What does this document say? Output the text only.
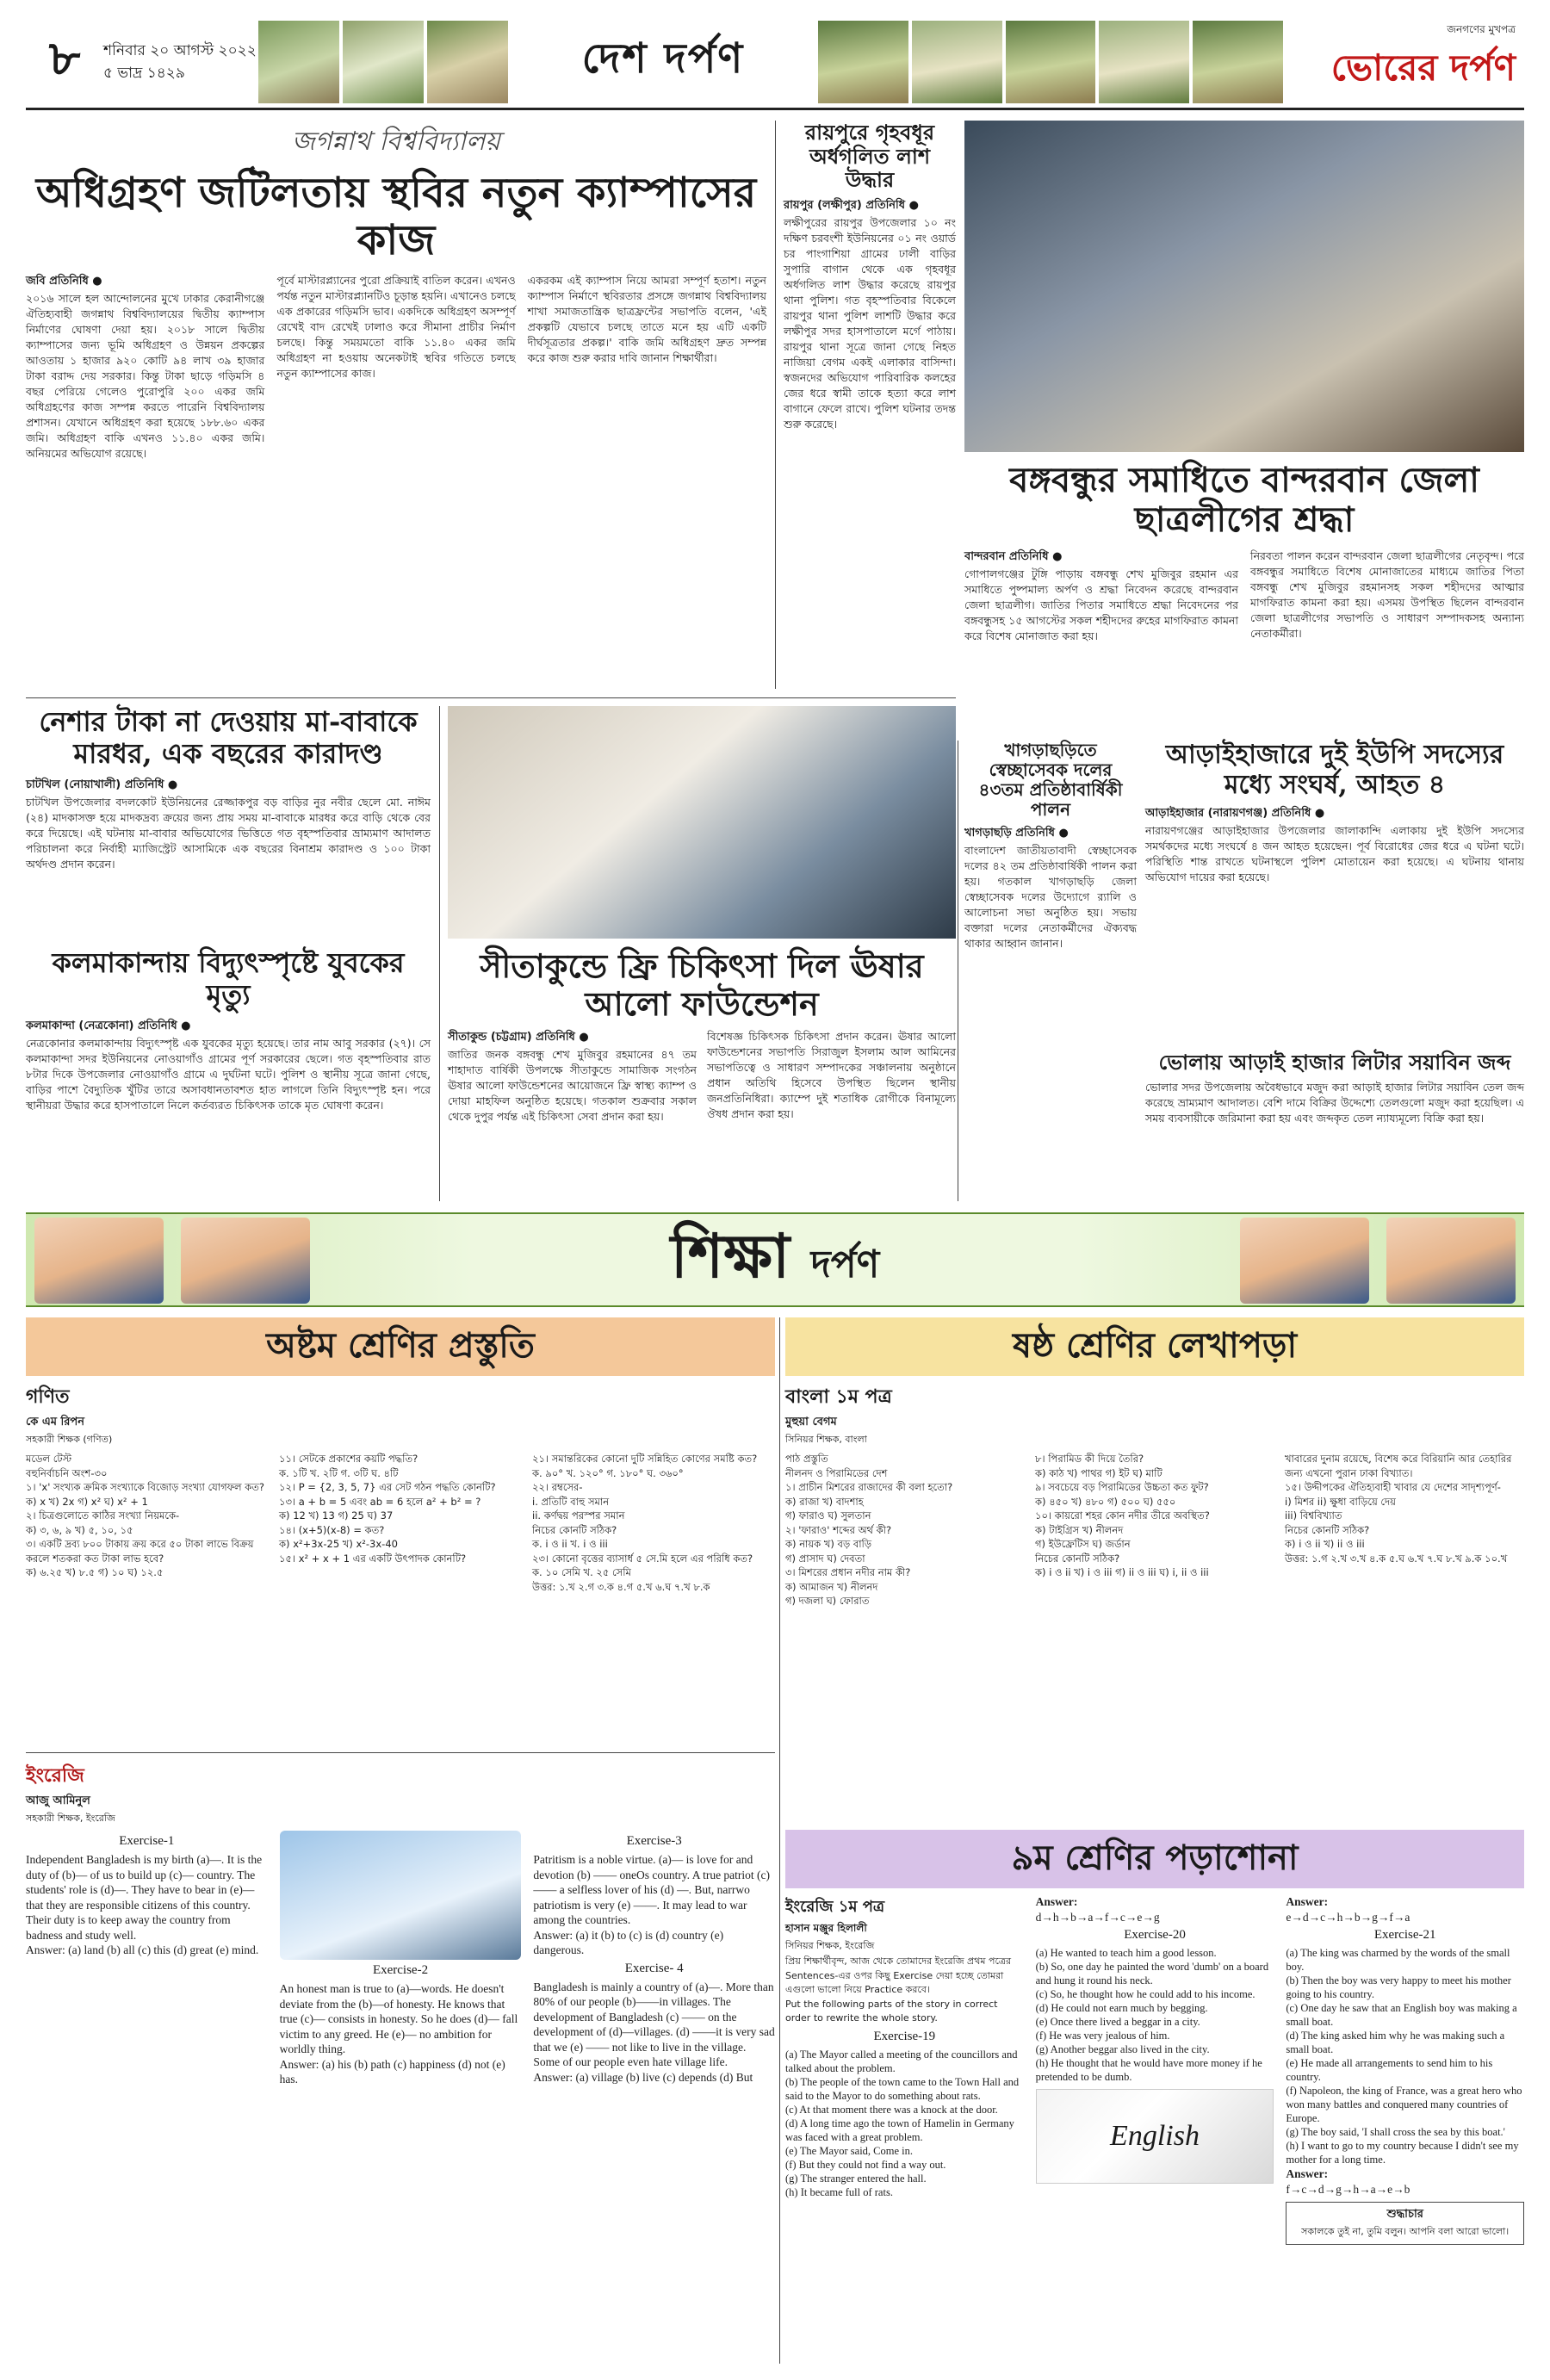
৮	শনিবার ২০ আগস্ট ২০২২
৫ ভাদ্র ১৪২৯	দেশ দর্পণ
জনগণের মুখপত্র
ভোরের দর্পণ
জগন্নাথ বিশ্ববিদ্যালয়
অধিগ্রহণ জটিলতায় স্থবির নতুন ক্যাম্পাসের কাজ
জবি প্রতিনিধি ●
২০১৬ সালে হল আন্দোলনের মুখে ঢাকার কেরানীগঞ্জে ঐতিহ্যবাহী জগন্নাথ বিশ্ববিদ্যালয়ের দ্বিতীয় ক্যাম্পাস নির্মাণের ঘোষণা দেয়া হয়। ২০১৮ সালে দ্বিতীয় ক্যাম্পাসের জন্য ভূমি অধিগ্রহণ ও উন্নয়ন প্রকল্পের আওতায় ১ হাজার ৯২০ কোটি ৯৪ লাখ ৩৯ হাজার টাকা বরাদ্দ দেয় সরকার। কিন্তু টাকা ছাড়ে গড়িমসি ৪ বছর পেরিয়ে গেলেও পুরোপুরি ২০০ একর জমি অধিগ্রহণের কাজ সম্পন্ন করতে পারেনি বিশ্ববিদ্যালয় প্রশাসন। যেখানে অধিগ্রহণ করা হয়েছে ১৮৮.৬০ একর জমি। অধিগ্রহণ বাকি এখনও ১১.৪০ একর জমি। অনিয়মের অভিযোগ রয়েছে।
পূর্বে মাস্টারপ্ল্যানের পুরো প্রক্রিয়াই বাতিল করেন। এখনও পর্যন্ত নতুন মাস্টারপ্ল্যানটিও চূড়ান্ত হয়নি। এখানেও চলছে এক প্রকারের গড়িমসি ভাব। একদিকে অধিগ্রহণ অসম্পূর্ণ রেখেই বাদ রেখেই ঢালাও করে সীমানা প্রাচীর নির্মাণ চলছে। কিন্তু সময়মতো বাকি ১১.৪০ একর জমি অধিগ্রহণ না হওয়ায় অনেকটাই স্থবির গতিতে চলছে নতুন ক্যাম্পাসের কাজ।
একরকম এই ক্যাম্পাস নিয়ে আমরা সম্পূর্ণ হতাশ। নতুন ক্যাম্পাস নির্মাণে স্থবিরতার প্রসঙ্গে জগন্নাথ বিশ্ববিদ্যালয় শাখা সমাজতান্ত্রিক ছাত্রফ্রন্টের সভাপতি বলেন, 'এই প্রকল্পটি যেভাবে চলছে তাতে মনে হয় এটি একটি দীর্ঘসূত্রতার প্রকল্প।' বাকি জমি অধিগ্রহণ দ্রুত সম্পন্ন করে কাজ শুরু করার দাবি জানান শিক্ষার্থীরা।
রায়পুরে গৃহবধূর অর্ধগলিত লাশ উদ্ধার
রায়পুর (লক্ষীপুর) প্রতিনিধি ●
লক্ষীপুরের রায়পুর উপজেলার ১০ নং দক্ষিণ চরবংশী ইউনিয়নের ০১ নং ওয়ার্ড চর পাংগাশিয়া গ্রামের ঢালী বাড়ির সুপারি বাগান থেকে এক গৃহবধূর অর্ধগলিত লাশ উদ্ধার করেছে রায়পুর থানা পুলিশ। গত বৃহস্পতিবার বিকেলে রায়পুর থানা পুলিশ লাশটি উদ্ধার করে লক্ষীপুর সদর হাসপাতালে মর্গে পাঠায়। রায়পুর থানা সূত্রে জানা গেছে নিহত নাজিয়া বেগম একই এলাকার বাসিন্দা। স্বজনদের অভিযোগ পারিবারিক কলহের জের ধরে স্বামী তাকে হত্যা করে লাশ বাগানে ফেলে রাখে। পুলিশ ঘটনার তদন্ত শুরু করেছে।
বঙ্গবন্ধুর সমাধিতে বান্দরবান জেলা ছাত্রলীগের শ্রদ্ধা
বান্দরবান প্রতিনিধি ●
গোপালগঞ্জের টুঙ্গি পাড়ায় বঙ্গবন্ধু শেখ মুজিবুর রহমান এর সমাধিতে পুষ্পমাল্য অর্পণ ও শ্রদ্ধা নিবেদন করেছে বান্দরবান জেলা ছাত্রলীগ। জাতির পিতার সমাধিতে শ্রদ্ধা নিবেদনের পর বঙ্গবন্ধুসহ ১৫ আগস্টের সকল শহীদদের রুহের মাগফিরাত কামনা করে বিশেষ মোনাজাত করা হয়।
নিরবতা পালন করেন বান্দরবান জেলা ছাত্রলীগের নেতৃবৃন্দ। পরে বঙ্গবন্ধুর সমাধিতে বিশেষ মোনাজাতের মাধ্যমে জাতির পিতা বঙ্গবন্ধু শেখ মুজিবুর রহমানসহ সকল শহীদদের আত্মার মাগফিরাত কামনা করা হয়। এসময় উপস্থিত ছিলেন বান্দরবান জেলা ছাত্রলীগের সভাপতি ও সাধারণ সম্পাদকসহ অন্যান্য নেতাকর্মীরা।
নেশার টাকা না দেওয়ায় মা-বাবাকে মারধর, এক বছরের কারাদণ্ড
চাটখিল (নোয়াখালী) প্রতিনিধি ●
চাটখিল উপজেলার বদলকোট ইউনিয়নের রেজ্জাকপুর বড় বাড়ির নুর নবীর ছেলে মো. নাঈম (২৪) মাদকাসক্ত হয়ে মাদকদ্রব্য ক্রয়ের জন্য প্রায় সময় মা-বাবাকে মারধর করে বাড়ি থেকে বের করে দিয়েছে। এই ঘটনায় মা-বাবার অভিযোগের ভিত্তিতে গত বৃহস্পতিবার ভ্রাম্যমাণ আদালত পরিচালনা করে নির্বাহী ম্যাজিস্ট্রেট আসামিকে এক বছরের বিনাশ্রম কারাদণ্ড ও ১০০ টাকা অর্থদণ্ড প্রদান করেন।
কলমাকান্দায় বিদ্যুৎস্পৃষ্টে যুবকের মৃত্যু
কলমাকান্দা (নেত্রকোনা) প্রতিনিধি ●
নেত্রকোনার কলমাকান্দায় বিদ্যুৎস্পৃষ্ট এক যুবকের মৃত্যু হয়েছে। তার নাম আবু সরকার (২৭)। সে কলমাকান্দা সদর ইউনিয়নের নোওয়াগাঁও গ্রামের পূর্ণ সরকারের ছেলে। গত বৃহস্পতিবার রাত ৮টার দিকে উপজেলার নোওয়াগাঁও গ্রামে এ দুর্ঘটনা ঘটে। পুলিশ ও স্থানীয় সূত্রে জানা গেছে, বাড়ির পাশে বৈদ্যুতিক খুঁটির তারে অসাবধানতাবশত হাত লাগলে তিনি বিদ্যুৎস্পৃষ্ট হন। পরে স্থানীয়রা উদ্ধার করে হাসপাতালে নিলে কর্তব্যরত চিকিৎসক তাকে মৃত ঘোষণা করেন।
সীতাকুন্ডে ফ্রি চিকিৎসা দিল ঊষার আলো ফাউন্ডেশন
সীতাকুন্ড (চট্টগ্রাম) প্রতিনিধি ●
জাতির জনক বঙ্গবন্ধু শেখ মুজিবুর রহমানের ৪৭ তম শাহাদাত বার্ষিকী উপলক্ষে সীতাকুন্ডে সামাজিক সংগঠন ঊষার আলো ফাউন্ডেশনের আয়োজনে ফ্রি স্বাস্থ্য ক্যাম্প ও দোয়া মাহফিল অনুষ্ঠিত হয়েছে। গতকাল শুক্রবার সকাল থেকে দুপুর পর্যন্ত এই চিকিৎসা সেবা প্রদান করা হয়।
বিশেষজ্ঞ চিকিৎসক চিকিৎসা প্রদান করেন। ঊষার আলো ফাউন্ডেশনের সভাপতি সিরাজুল ইসলাম আল আমিনের সভাপতিত্বে ও সাধারণ সম্পাদকের সঞ্চালনায় অনুষ্ঠানে প্রধান অতিথি হিসেবে উপস্থিত ছিলেন স্থানীয় জনপ্রতিনিধিরা। ক্যাম্পে দুই শতাধিক রোগীকে বিনামূল্যে ঔষধ প্রদান করা হয়।
খাগড়াছড়িতে স্বেচ্ছাসেবক দলের ৪৩তম প্রতিষ্ঠাবার্ষিকী পালন
খাগড়াছড়ি প্রতিনিধি ●
বাংলাদেশ জাতীয়তাবাদী স্বেচ্ছাসেবক দলের ৪২ তম প্রতিষ্ঠাবার্ষিকী পালন করা হয়। গতকাল খাগড়াছড়ি জেলা স্বেচ্ছাসেবক দলের উদ্যোগে র‌্যালি ও আলোচনা সভা অনুষ্ঠিত হয়। সভায় বক্তারা দলের নেতাকর্মীদের ঐক্যবদ্ধ থাকার আহ্বান জানান।
আড়াইহাজারে দুই ইউপি সদস্যের মধ্যে সংঘর্ষ, আহত ৪
আড়াইহাজার (নারায়ণগঞ্জ) প্রতিনিধি ●
নারায়ণগঞ্জের আড়াইহাজার উপজেলার জালাকান্দি এলাকায় দুই ইউপি সদস্যের সমর্থকদের মধ্যে সংঘর্ষে ৪ জন আহত হয়েছেন। পূর্ব বিরোধের জের ধরে এ ঘটনা ঘটে। পরিস্থিতি শান্ত রাখতে ঘটনাস্থলে পুলিশ মোতায়েন করা হয়েছে। এ ঘটনায় থানায় অভিযোগ দায়ের করা হয়েছে।
ভোলায় আড়াই হাজার লিটার সয়াবিন জব্দ
ভোলার সদর উপজেলায় অবৈধভাবে মজুদ করা আড়াই হাজার লিটার সয়াবিন তেল জব্দ করেছে ভ্রাম্যমাণ আদালত। বেশি দামে বিক্রির উদ্দেশ্যে তেলগুলো মজুদ করা হয়েছিল। এ সময় ব্যবসায়ীকে জরিমানা করা হয় এবং জব্দকৃত তেল ন্যায্যমূল্যে বিক্রি করা হয়।
শিক্ষা দর্পণ
অষ্টম শ্রেণির প্রস্তুতি
গণিত
কে এম রিপন
সহকারী শিক্ষক (গণিত)
মডেল টেস্ট
বহুনির্বাচনি অংশ-৩০
১। 'x' সংখ্যক ক্রমিক সংখ্যাকে বিজোড় সংখ্যা যোগফল কত?
ক) x খ) 2x গ) x² ঘ) x² + 1
২। চিত্রগুলোতে কাঠির সংখ্যা নিয়মকে-
ক) ৩, ৬, ৯ খ) ৫, ১০, ১৫
৩। একটি দ্রব্য ৮০০ টাকায় ক্রয় করে ৫০ টাকা লাভে বিক্রয় করলে শতকরা কত টাকা লাভ হবে?
ক) ৬.২৫ খ) ৮.৫ গ) ১০ ঘ) ১২.৫
১১। সেটকে প্রকাশের কয়টি পদ্ধতি?
ক. ১টি খ. ২টি গ. ৩টি ঘ. ৪টি
১২। P = {2, 3, 5, 7} এর সেট গঠন পদ্ধতি কোনটি?
১৩। a + b = 5 এবং ab = 6 হলে a² + b² = ?
ক) 12 খ) 13 গ) 25 ঘ) 37
১৪। (x+5)(x-8) = কত?
ক) x²+3x-25 খ) x²-3x-40
১৫। x² + x + 1 এর একটি উৎপাদক কোনটি?
২১। সমান্তরিকের কোনো দুটি সন্নিহিত কোণের সমষ্টি কত?
ক. ৯০° খ. ১২০° গ. ১৮০° ঘ. ৩৬০°
২২। রম্বসের-
i. প্রতিটি বাহু সমান
ii. কর্ণদ্বয় পরস্পর সমান
নিচের কোনটি সঠিক?
ক. i ও ii খ. i ও iii
২৩। কোনো বৃত্তের ব্যাসার্ধ ৫ সে.মি হলে এর পরিধি কত?
ক. ১০ সেমি খ. ২৫ সেমি
উত্তর: ১.খ ২.গ ৩.ক ৪.গ ৫.খ ৬.ঘ ৭.খ ৮.ক
ইংরেজি
আজু আমিনুল
সহকারী শিক্ষক, ইংরেজি
Exercise-1
Independent Bangladesh is my birth (a)—. It is the duty of (b)— of us to build up (c)— country. The students' role is (d)—. They have to bear in (e)—that they are responsible citizens of this country. Their duty is to keep away the country from badness and study well.
Answer: (a) land (b) all (c) this (d) great (e) mind.
Exercise-2
An honest man is true to (a)—words. He doesn't deviate from the (b)—of honesty. He knows that true (c)— consists in honesty. So he does (d)— fall victim to any greed. He (e)— no ambition for worldly thing.
Answer: (a) his (b) path (c) happiness (d) not (e) has.
Exercise-3
Patritism is a noble virtue. (a)— is love for and devotion (b) —— oneOs country. A true patriot (c) —— a selfless lover of his (d) —. But, narrwo patriotism is very (e) ——. It may lead to war among the countries.
Answer: (a) it (b) to (c) is (d) country (e) dangerous.
Exercise- 4
Bangladesh is mainly a country of (a)—. More than 80% of our people (b)——in villages. The development of Bangladesh (c) —— on the development of (d)—villages. (d) ——it is very sad that we (e) —— not like to live in the village. Some of our people even hate village life.
Answer: (a) village (b) live (c) depends (d) But
ষষ্ঠ শ্রেণির লেখাপড়া
বাংলা ১ম পত্র
মুহুয়া বেগম
সিনিয়র শিক্ষক, বাংলা
পাঠ প্রস্তুতি
নীলনদ ও পিরামিডের দেশ
১। প্রাচীন মিশরের রাজাদের কী বলা হতো?
ক) রাজা খ) বাদশাহ
গ) ফারাও ঘ) সুলতান
২। 'ফারাও' শব্দের অর্থ কী?
ক) নায়ক খ) বড় বাড়ি
গ) প্রাসাদ ঘ) দেবতা
৩। মিশরের প্রধান নদীর নাম কী?
ক) আমাজন খ) নীলনদ
গ) দজলা ঘ) ফোরাত
৮। পিরামিড কী দিয়ে তৈরি?
ক) কাঠ খ) পাথর গ) ইট ঘ) মাটি
৯। সবচেয়ে বড় পিরামিডের উচ্চতা কত ফুট?
ক) ৪৫০ খ) ৪৮০ গ) ৫০০ ঘ) ৫৫০
১০। কায়রো শহর কোন নদীর তীরে অবস্থিত?
ক) টাইগ্রিস খ) নীলনদ
গ) ইউফ্রেটিস ঘ) জর্ডান
নিচের কোনটি সঠিক?
ক) i ও ii খ) i ও iii গ) ii ও iii ঘ) i, ii ও iii
খাবারের দুনাম রয়েছে, বিশেষ করে বিরিয়ানি আর তেহারির জন্য এখনো পুরান ঢাকা বিখ্যাত।
১৫। উদ্দীপকের ঐতিহ্যবাহী খাবার যে দেশের সাদৃশ্যপূর্ণ-
i) মিশর ii) ক্ষুধা বাড়িয়ে দেয়
iii) বিশ্ববিখ্যাত
নিচের কোনটি সঠিক?
ক) i ও ii খ) ii ও iii
উত্তর: ১.গ ২.খ ৩.খ ৪.ক ৫.ঘ ৬.খ ৭.ঘ ৮.খ ৯.ক ১০.খ
৯ম শ্রেণির পড়াশোনা
ইংরেজি ১ম পত্র
হাসান মঞ্জুর হিলালী
সিনিয়র শিক্ষক, ইংরেজি
প্রিয় শিক্ষার্থীবৃন্দ, আজ থেকে তোমাদের ইংরেজি প্রথম পত্রের Sentences-এর ওপর কিছু Exercise দেয়া হচ্ছে তোমরা এগুলো ভালো নিয়ে Practice করবে।
Put the following parts of the story in correct order to rewrite the whole story.
Exercise-19
(a) The Mayor called a meeting of the councillors and talked about the problem.
(b) The people of the town came to the Town Hall and said to the Mayor to do something about rats.
(c) At that moment there was a knock at the door.
(d) A long time ago the town of Hamelin in Germany was faced with a great problem.
(e) The Mayor said, Come in.
(f) But they could not find a way out.
(g) The stranger entered the hall.
(h) It became full of rats.
Answer:
d→h→b→a→f→c→e→g
Exercise-20
(a) He wanted to teach him a good lesson.
(b) So, one day he painted the word 'dumb' on a board and hung it round his neck.
(c) So, he thought how he could add to his income.
(d) He could not earn much by begging.
(e) Once there lived a beggar in a city.
(f) He was very jealous of him.
(g) Another beggar also lived in the city.
(h) He thought that he would have more money if he pretended to be dumb.
English
Answer:
e→d→c→h→b→g→f→a
Exercise-21
(a) The king was charmed by the words of the small boy.
(b) Then the boy was very happy to meet his mother going to his country.
(c) One day he saw that an English boy was making a small boat.
(d) The king asked him why he was making such a small boat.
(e) He made all arrangements to send him to his country.
(f) Napoleon, the king of France, was a great hero who won many battles and conquered many countries of Europe.
(g) The boy said, 'I shall cross the sea by this boat.'
(h) I want to go to my country because I didn't see my mother for a long time.
Answer:
f→c→d→g→h→a→e→b
শুদ্ধাচার
সকালকে তুই না, তুমি বলুন। আপনি বলা আরো ভালো।
